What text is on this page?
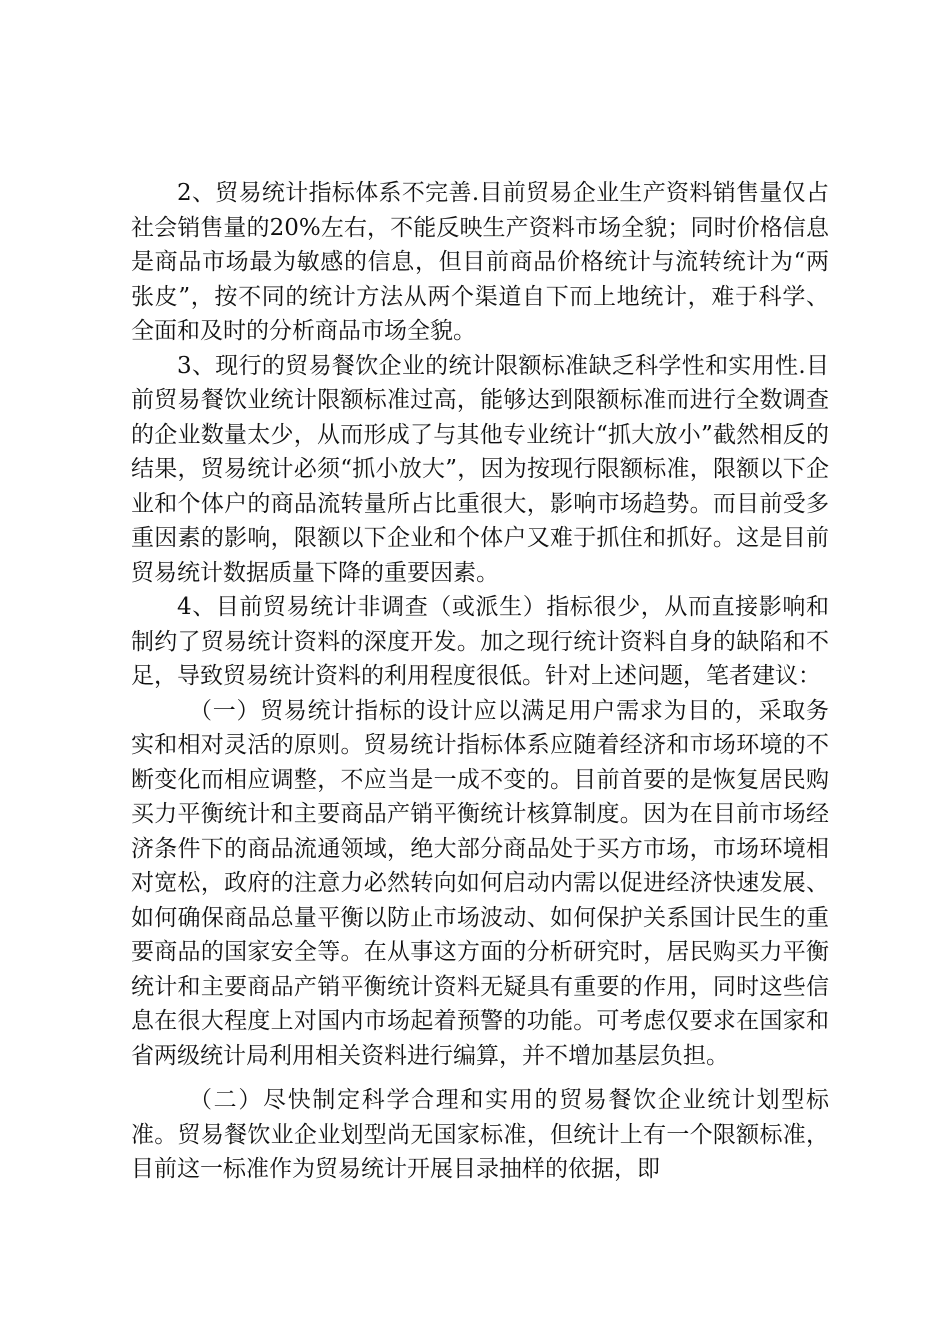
2、贸易统计指标体系不完善.目前贸易企业生产资料销售量仅占社会销售量的20%左右，不能反映生产资料市场全貌；同时价格信息是商品市场最为敏感的信息，但目前商品价格统计与流转统计为“两张皮”，按不同的统计方法从两个渠道自下而上地统计，难于科学、全面和及时的分析商品市场全貌。

3、现行的贸易餐饮企业的统计限额标准缺乏科学性和实用性.目前贸易餐饮业统计限额标准过高，能够达到限额标准而进行全数调查的企业数量太少，从而形成了与其他专业统计“抓大放小”截然相反的结果，贸易统计必须“抓小放大”，因为按现行限额标准，限额以下企业和个体户的商品流转量所占比重很大，影响市场趋势。而目前受多重因素的影响，限额以下企业和个体户又难于抓住和抓好。这是目前贸易统计数据质量下降的重要因素。

4、目前贸易统计非调查（或派生）指标很少，从而直接影响和制约了贸易统计资料的深度开发。加之现行统计资料自身的缺陷和不足，导致贸易统计资料的利用程度很低。针对上述问题，笔者建议：

（一）贸易统计指标的设计应以满足用户需求为目的，采取务实和相对灵活的原则。贸易统计指标体系应随着经济和市场环境的不断变化而相应调整，不应当是一成不变的。目前首要的是恢复居民购买力平衡统计和主要商品产销平衡统计核算制度。因为在目前市场经济条件下的商品流通领域，绝大部分商品处于买方市场，市场环境相对宽松，政府的注意力必然转向如何启动内需以促进经济快速发展、如何确保商品总量平衡以防止市场波动、如何保护关系国计民生的重要商品的国家安全等。在从事这方面的分析研究时，居民购买力平衡统计和主要商品产销平衡统计资料无疑具有重要的作用，同时这些信息在很大程度上对国内市场起着预警的功能。可考虑仅要求在国家和省两级统计局利用相关资料进行编算，并不增加基层负担。

（二）尽快制定科学合理和实用的贸易餐饮企业统计划型标准。贸易餐饮业企业划型尚无国家标准，但统计上有一个限额标准，目前这一标准作为贸易统计开展目录抽样的依据，即
